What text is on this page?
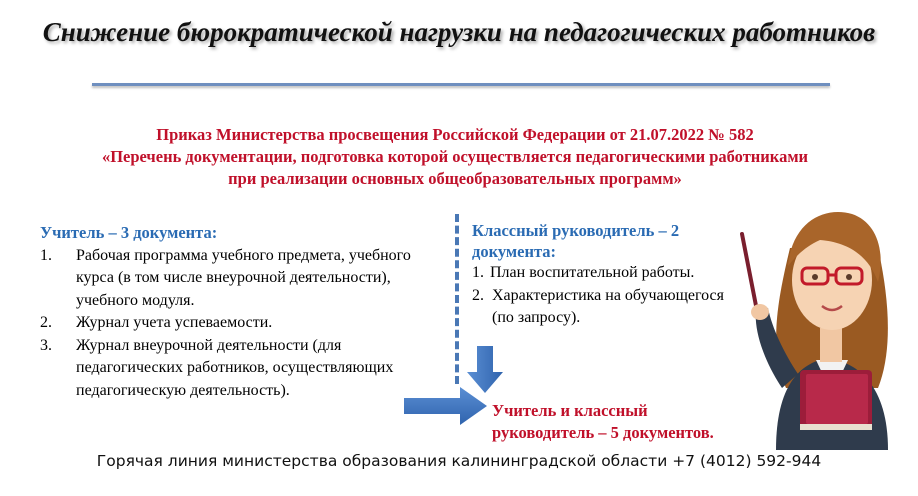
Снижение бюрократической нагрузки на педагогических работников
Приказ Министерства просвещения Российской Федерации от 21.07.2022 № 582
«Перечень документации, подготовка которой осуществляется педагогическими работниками
при реализации основных общеобразовательных программ»
Учитель – 3 документа:
1.	Рабочая программа учебного предмета, учебного курса (в том числе внеурочной деятельности), учебного модуля.
2.	Журнал учета успеваемости.
3.	Журнал внеурочной деятельности (для педагогических работников, осуществляющих педагогическую деятельность).
Классный руководитель – 2 документа:
1. План воспитательной работы.
2. Характеристика на обучающегося (по запросу).
Учитель и классный
руководитель – 5 документов.
Горячая линия министерства образования калининградской области +7 (4012) 592-944
